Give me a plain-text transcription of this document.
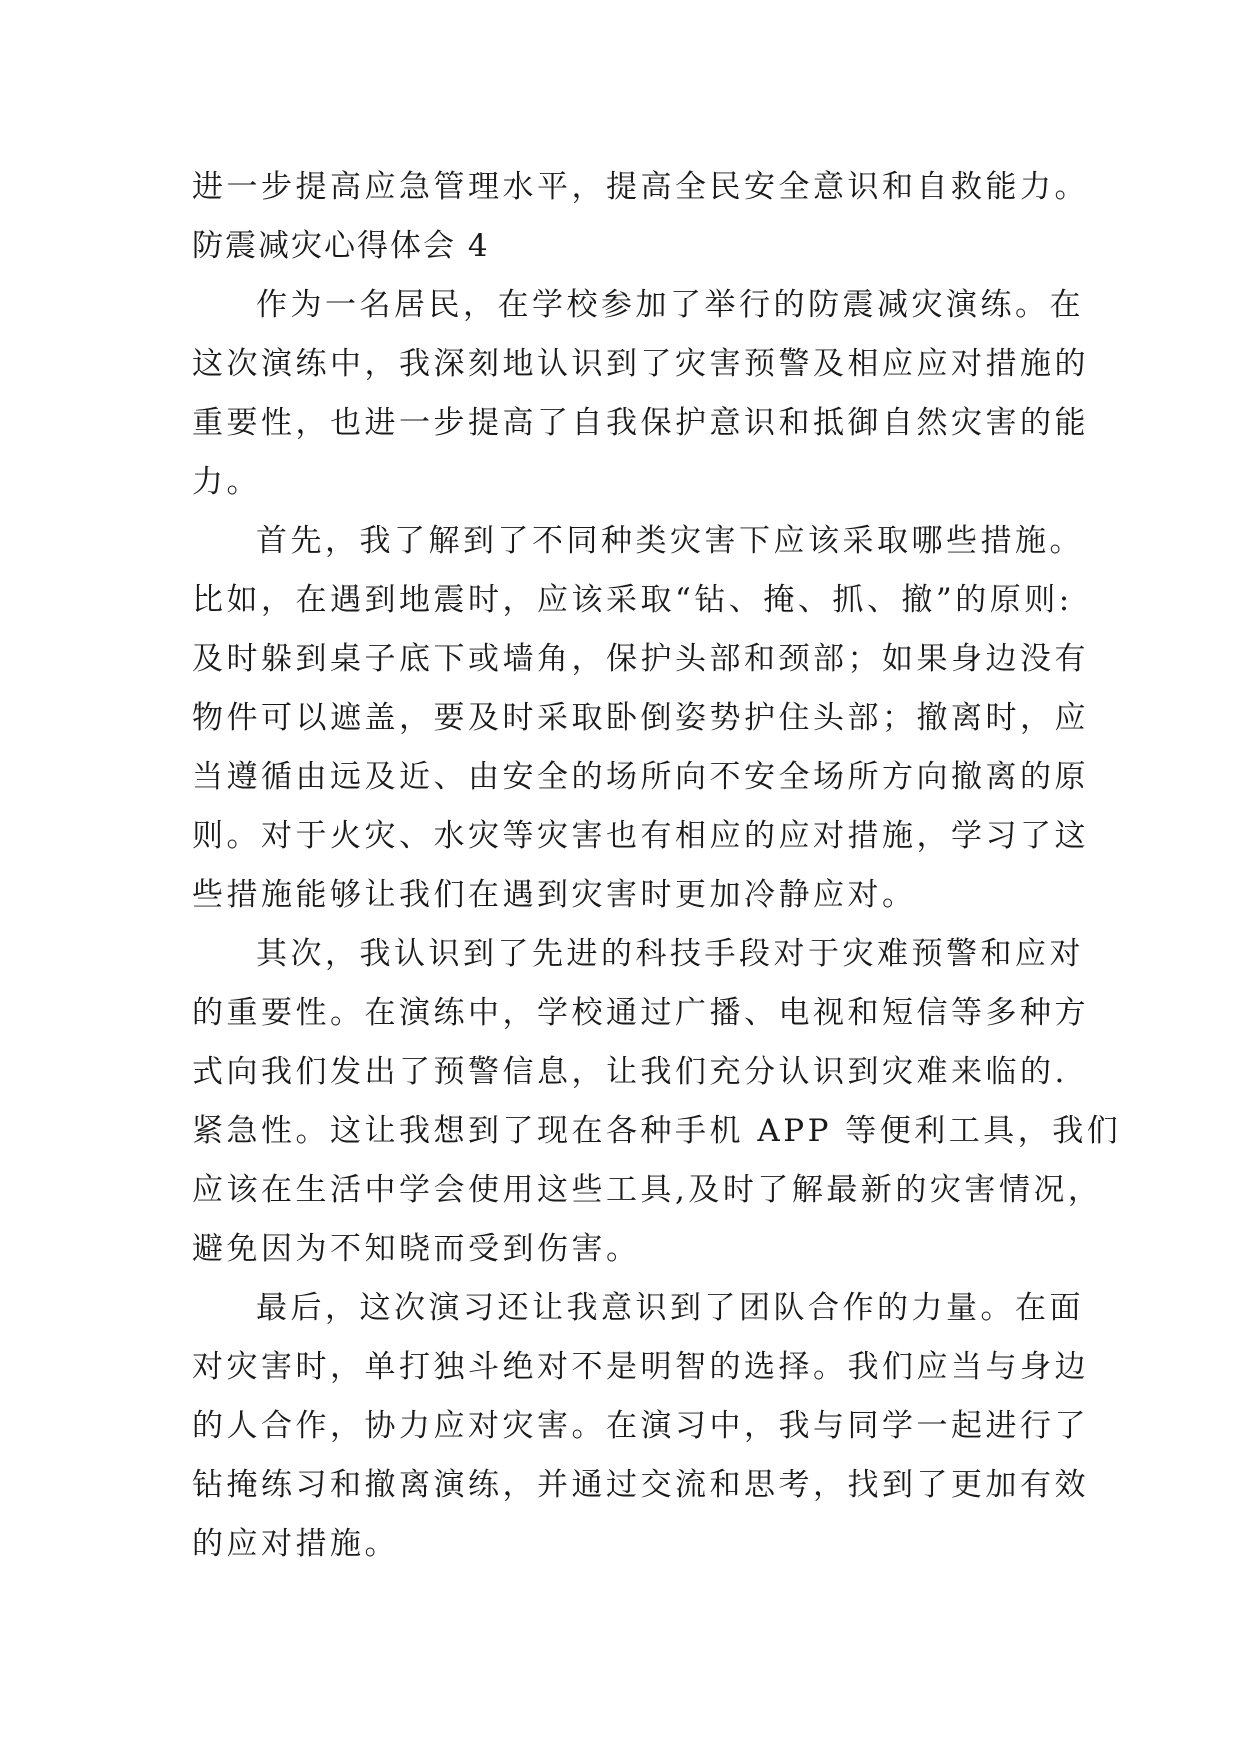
进一步提高应急管理水平，提高全民安全意识和自救能力。

防震减灾心得体会 4

作为一名居民，在学校参加了举行的防震减灾演练。在

这次演练中，我深刻地认识到了灾害预警及相应应对措施的

重要性，也进一步提高了自我保护意识和抵御自然灾害的能

力。

首先，我了解到了不同种类灾害下应该采取哪些措施。

比如，在遇到地震时，应该采取“钻、掩、抓、撤”的原则:

及时躲到桌子底下或墙角，保护头部和颈部；如果身边没有

物件可以遮盖，要及时采取卧倒姿势护住头部；撤离时，应

当遵循由远及近、由安全的场所向不安全场所方向撤离的原

则。对于火灾、水灾等灾害也有相应的应对措施，学习了这

些措施能够让我们在遇到灾害时更加冷静应对。

其次，我认识到了先进的科技手段对于灾难预警和应对

的重要性。在演练中，学校通过广播、电视和短信等多种方

式向我们发出了预警信息，让我们充分认识到灾难来临的.

紧急性。这让我想到了现在各种手机 APP 等便利工具，我们

应该在生活中学会使用这些工具,及时了解最新的灾害情况，

避免因为不知晓而受到伤害。

最后，这次演习还让我意识到了团队合作的力量。在面

对灾害时，单打独斗绝对不是明智的选择。我们应当与身边

的人合作，协力应对灾害。在演习中，我与同学一起进行了

钻掩练习和撤离演练，并通过交流和思考，找到了更加有效

的应对措施。
